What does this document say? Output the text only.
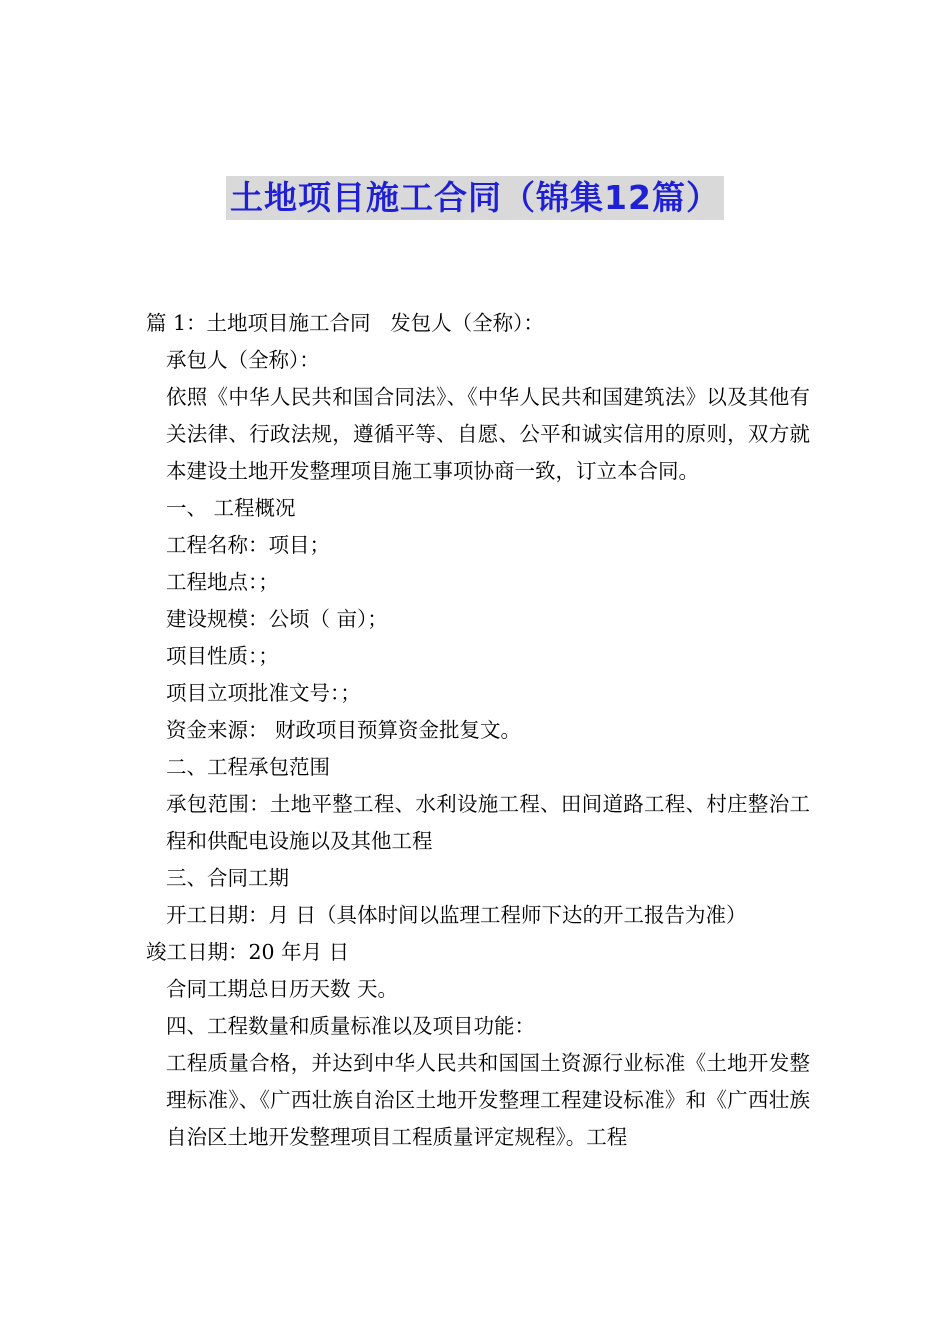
土地项目施工合同（锦集12篇）

篇 1：土地项目施工合同   发包人（全称）：

承包人（全称）：

依照《中华人民共和国合同法》、《中华人民共和国建筑法》以及其他有关法律、行政法规，遵循平等、自愿、公平和诚实信用的原则，双方就本建设土地开发整理项目施工事项协商一致，订立本合同。

一、 工程概况

工程名称：项目；

工程地点：；

建设规模：公顷（ 亩）；

项目性质：；

项目立项批准文号：；

资金来源： 财政项目预算资金批复文。

二、工程承包范围

承包范围：土地平整工程、水利设施工程、田间道路工程、村庄整治工程和供配电设施以及其他工程

三、合同工期

开工日期：月 日（具体时间以监理工程师下达的开工报告为准）

竣工日期：20 年月 日

合同工期总日历天数 天。

四、工程数量和质量标准以及项目功能：

工程质量合格，并达到中华人民共和国国土资源行业标准《土地开发整理标准》、《广西壮族自治区土地开发整理工程建设标准》和《广西壮族自治区土地开发整理项目工程质量评定规程》。工程
